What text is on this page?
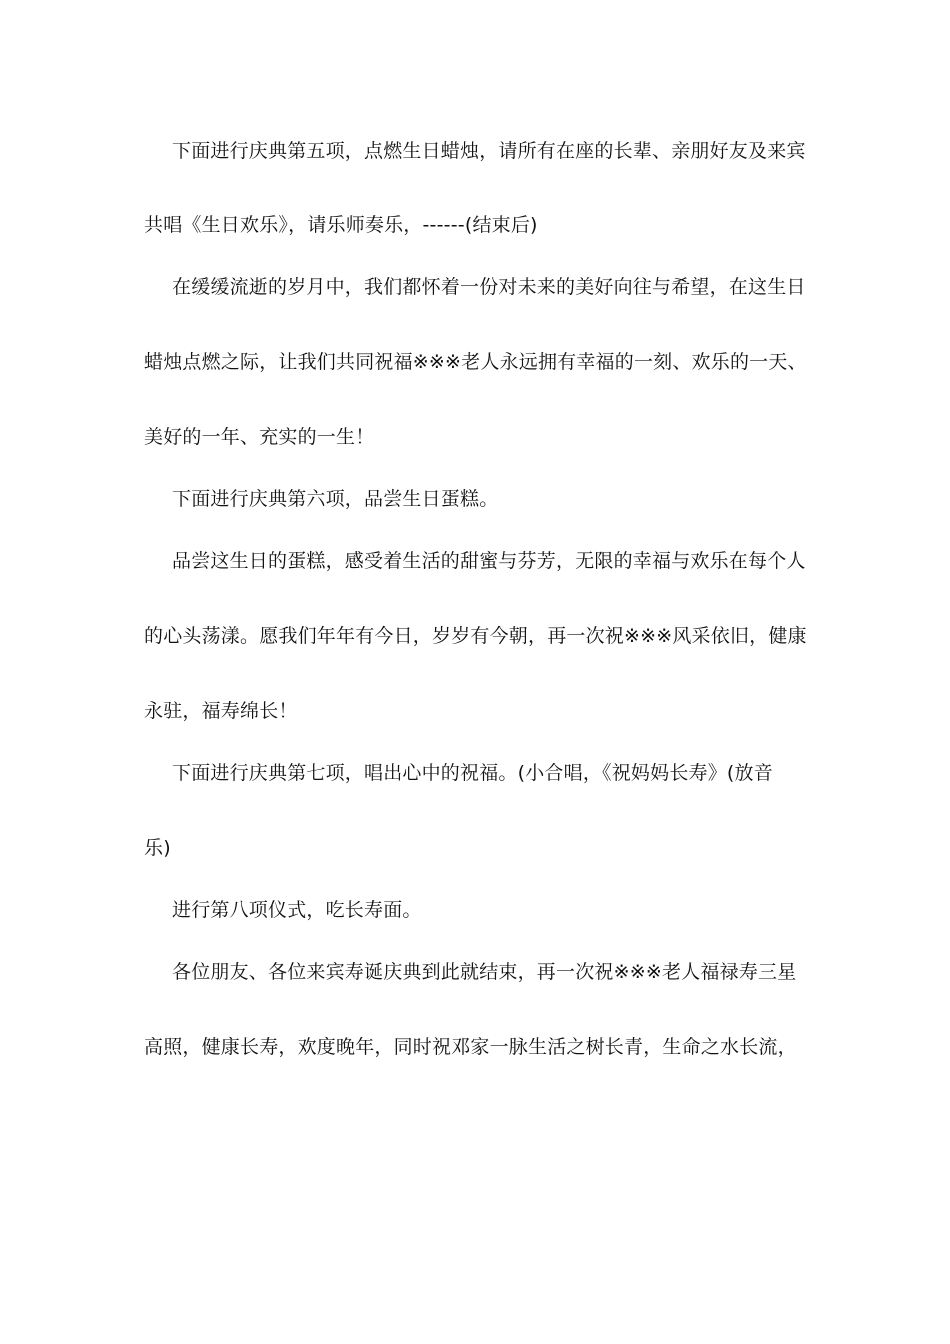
下面进行庆典第五项，点燃生日蜡烛，请所有在座的长辈、亲朋好友及来宾
共唱《生日欢乐》，请乐师奏乐，------(结束后)
在缓缓流逝的岁月中，我们都怀着一份对未来的美好向往与希望，在这生日
蜡烛点燃之际，让我们共同祝福※※※老人永远拥有幸福的一刻、欢乐的一天、
美好的一年、充实的一生！
下面进行庆典第六项，品尝生日蛋糕。
品尝这生日的蛋糕，感受着生活的甜蜜与芬芳，无限的幸福与欢乐在每个人
的心头荡漾。愿我们年年有今日，岁岁有今朝，再一次祝※※※风采依旧，健康
永驻，福寿绵长！
下面进行庆典第七项，唱出心中的祝福。(小合唱，《祝妈妈长寿》(放音
乐)
进行第八项仪式，吃长寿面。
各位朋友、各位来宾寿诞庆典到此就结束，再一次祝※※※老人福禄寿三星
高照，健康长寿，欢度晚年，同时祝邓家一脉生活之树长青，生命之水长流，
